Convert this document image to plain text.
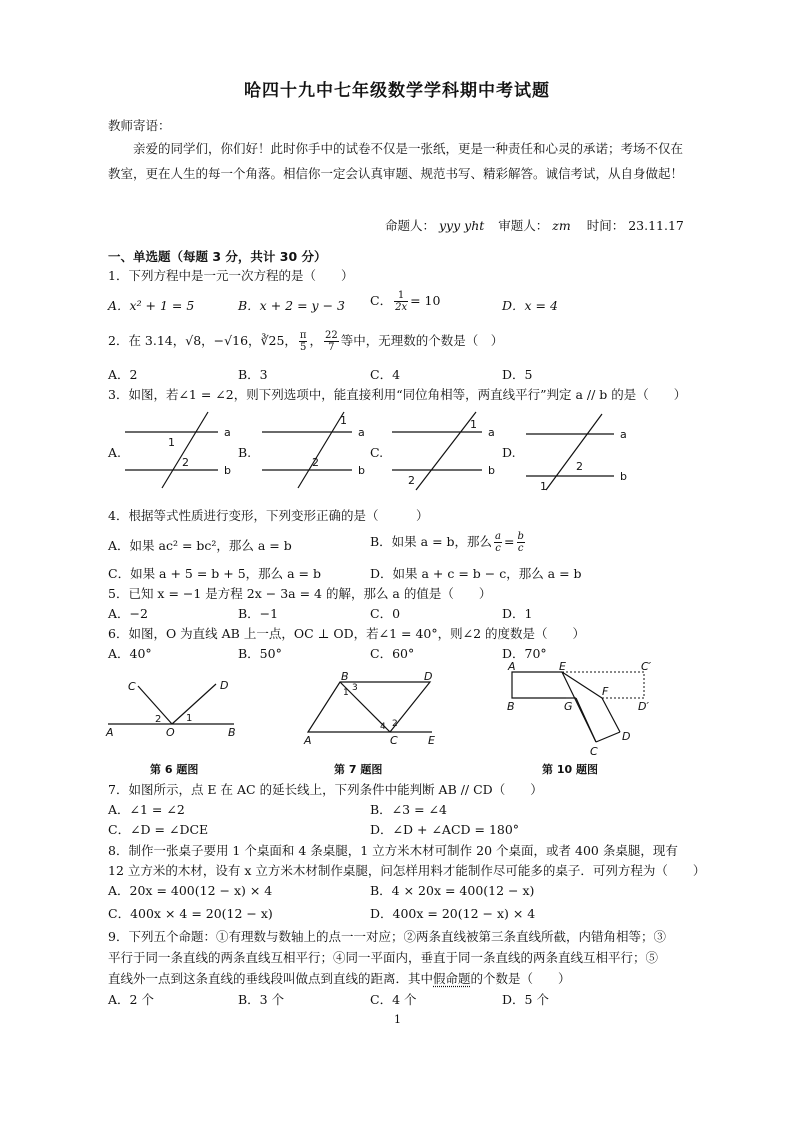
哈四十九中七年级数学学科期中考试题
教师寄语：
亲爱的同学们，你们好！此时你手中的试卷不仅是一张纸，更是一种责任和心灵的承诺；考场不仅在教室，更在人生的每一个角落。相信你一定会认真审题、规范书写、精彩解答。诚信考试，从自身做起！
命题人： yyy yht 审题人： zm 时间： 23.11.17
一、单选题（每题 3 分，共计 30 分）
1．下列方程中是一元一次方程的是（　　）
A．x² + 1 = 5	B．x + 2 = y − 3 C． $\frac{1}{2x} = 10$	D．x = 4
2．在 3.14，√8，−√16，∛25， $\frac{\pi}{5}$ ， $\frac{22}{7}$ 等中，无理数的个数是（　）
A．2	B．3	C．4	D．5
3．如图，若∠1 = ∠2，则下列选项中，能直接利用“同位角相等，两直线平行”判定 a // b 的是（　　）
A.	B.	C.	D.
a
b
1
2
a
b
1
2
a
b
1
2
a
b
1
2
4．根据等式性质进行变形，下列变形正确的是（　　　）
A．如果 ac² = bc²，那么 a = b	B．如果 a = b，那么 $\frac{a}{c} = \frac{b}{c}$
C．如果 a + 5 = b + 5，那么 a = b	D．如果 a + c = b − c，那么 a = b
5．已知 x = −1 是方程 2x − 3a = 4 的解，那么 a 的值是（　　）
A．−2	B．−1	C．0	D．1
6．如图，O 为直线 AB 上一点，OC ⊥ OD，若∠1 = 40°，则∠2 的度数是（　　）
A．40°	B．50°	C．60°	D．70°
C	D
A	O	B
2 1
B	D
A	C	E
1 3
4 2
A	E	C′
B	G
F
D′
C
D
第 6 题图	第 7 题图	第 10 题图
7．如图所示，点 E 在 AC 的延长线上，下列条件中能判断 AB // CD（　　）
A．∠1 = ∠2	B．∠3 = ∠4
C．∠D = ∠DCE	D．∠D + ∠ACD = 180°
8．制作一张桌子要用 1 个桌面和 4 条桌腿，1 立方米木材可制作 20 个桌面，或者 400 条桌腿，现有
12 立方米的木材，设有 x 立方米木材制作桌腿，问怎样用料才能制作尽可能多的桌子．可列方程为（　　）
A．20x = 400(12 − x) × 4	B．4 × 20x = 400(12 − x)
C．400x × 4 = 20(12 − x)	D．400x = 20(12 − x) × 4
9．下列五个命题：①有理数与数轴上的点一一对应；②两条直线被第三条直线所截，内错角相等；③
平行于同一条直线的两条直线互相平行；④同一平面内，垂直于同一条直线的两条直线互相平行；⑤
直线外一点到这条直线的垂线段叫做点到直线的距离．其中假命题的个数是（　　）
A．2 个	B．3 个	C．4 个	D．5 个
1
